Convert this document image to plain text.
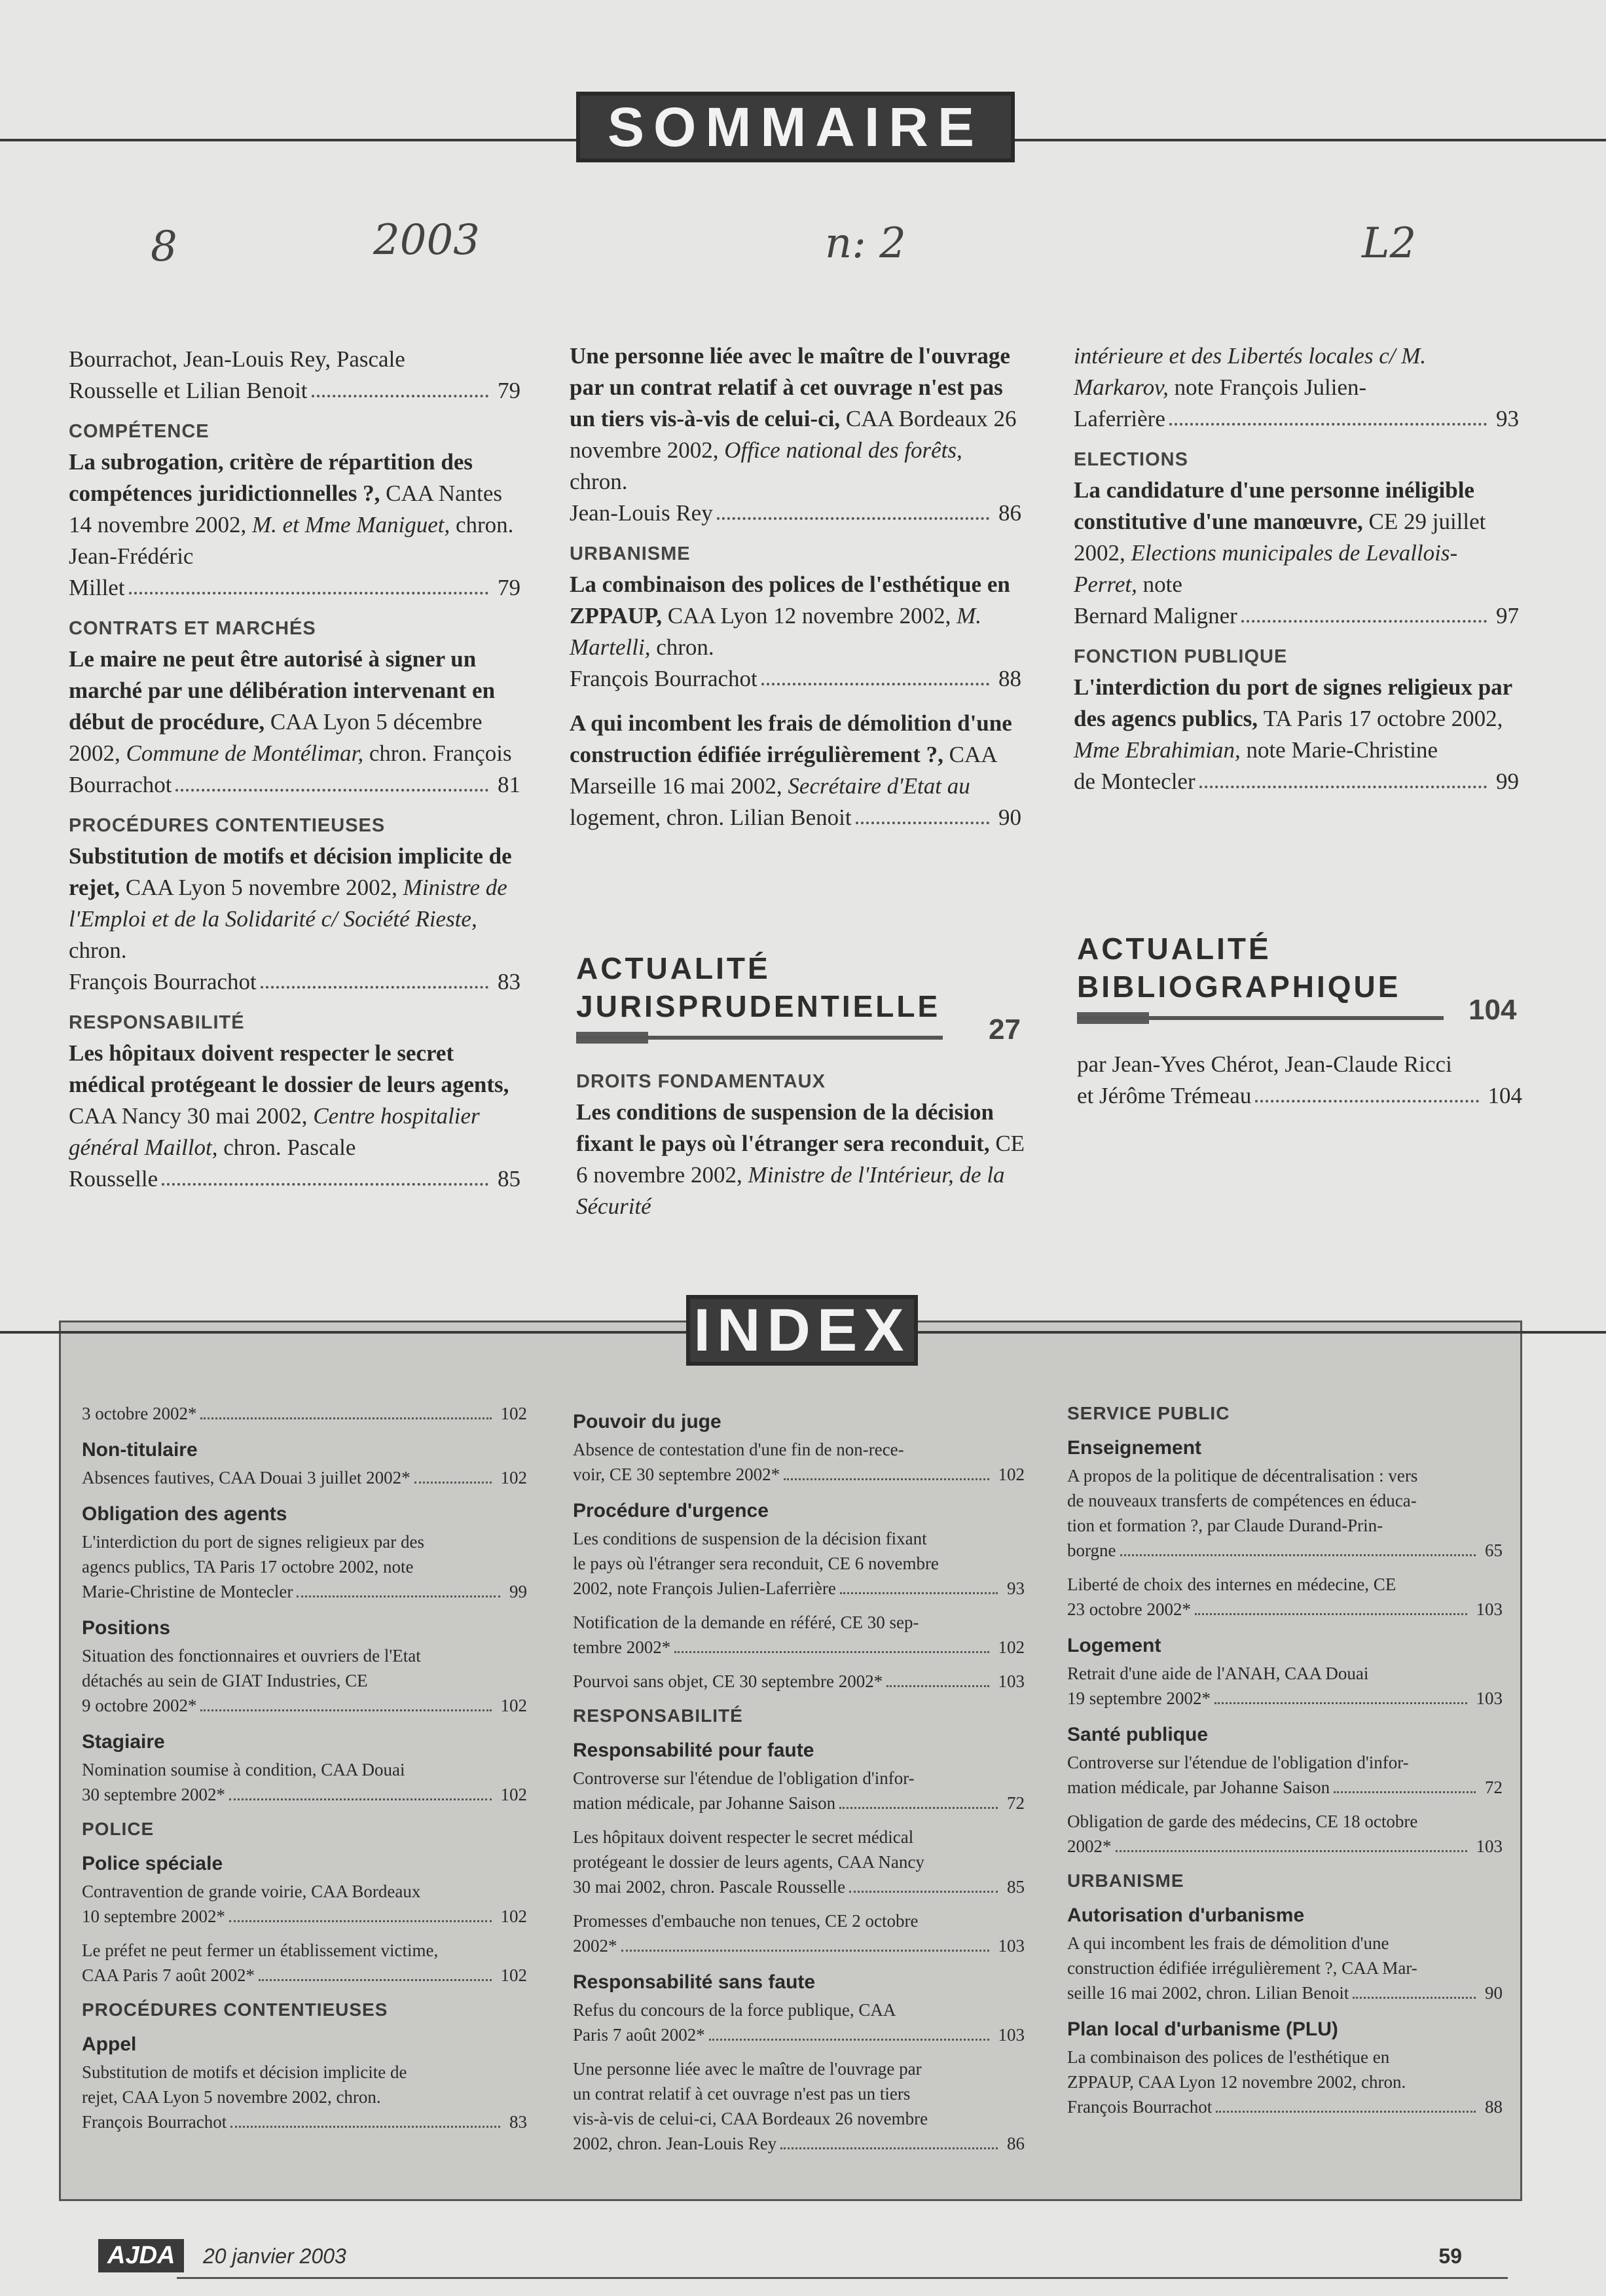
SOMMAIRE
8	2003	n: 2	L2

Bourrachot, Jean-Louis Rey, Pascale

Rousselle et Lilian Benoit	79
COMPÉTENCE

La subrogation, critère de répartition des compétences juridictionnelles ?, CAA Nantes 14 novembre 2002, M. et Mme Maniguet, chron. Jean-Frédéric

Millet	79
CONTRATS ET MARCHÉS

Le maire ne peut être autorisé à signer un marché par une délibération intervenant en début de procédure, CAA Lyon 5 décembre 2002, Commune de Montélimar, chron. François

Bourrachot	81
PROCÉDURES CONTENTIEUSES

Substitution de motifs et décision implicite de rejet, CAA Lyon 5 novembre 2002, Ministre de l'Emploi et de la Solidarité c/ Société Rieste, chron.

François Bourrachot	83
RESPONSABILITÉ

Les hôpitaux doivent respecter le secret médical protégeant le dossier de leurs agents, CAA Nancy 30 mai 2002, Centre hospitalier général Maillot, chron. Pascale

Rousselle	85

Une personne liée avec le maître de l'ouvrage par un contrat relatif à cet ouvrage n'est pas un tiers vis-à-vis de celui-ci, CAA Bordeaux 26 novembre 2002, Office national des forêts, chron.

Jean-Louis Rey	86
URBANISME

La combinaison des polices de l'esthétique en ZPPAUP, CAA Lyon 12 novembre 2002, M. Martelli, chron.

François Bourrachot	88

A qui incombent les frais de démolition d'une construction édifiée irrégulièrement ?, CAA Marseille 16 mai 2002, Secrétaire d'Etat au

logement, chron. Lilian Benoit	90

intérieure et des Libertés locales c/ M. Markarov, note François Julien-

Laferrière	93
ELECTIONS

La candidature d'une personne inéligible constitutive d'une manœuvre, CE 29 juillet 2002, Elections municipales de Levallois-Perret, note

Bernard Maligner	97
FONCTION PUBLIQUE

L'interdiction du port de signes religieux par des agencs publics, TA Paris 17 octobre 2002, Mme Ebrahimian, note Marie-Christine

de Montecler	99
ACTUALITÉ
JURISPRUDENTIELLE
27
DROITS FONDAMENTAUX

Les conditions de suspension de la décision fixant le pays où l'étranger sera reconduit, CE 6 novembre 2002, Ministre de l'Intérieur, de la Sécurité

ACTUALITÉ
BIBLIOGRAPHIQUE
104

par Jean-Yves Chérot, Jean-Claude Ricci

et Jérôme Trémeau	104
INDEX
3 octobre 2002*	102
Non-titulaire
Absences fautives, CAA Douai 3 juillet 2002*	102
Obligation des agents
L'interdiction du port de signes religieux par des
agencs publics, TA Paris 17 octobre 2002, note
Marie-Christine de Montecler	99
Positions
Situation des fonctionnaires et ouvriers de l'Etat
détachés au sein de GIAT Industries, CE
9 octobre 2002*	102
Stagiaire
Nomination soumise à condition, CAA Douai
30 septembre 2002*	102
POLICE
Police spéciale
Contravention de grande voirie, CAA Bordeaux
10 septembre 2002*	102
Le préfet ne peut fermer un établissement victime,
CAA Paris 7 août 2002*	102
PROCÉDURES CONTENTIEUSES
Appel
Substitution de motifs et décision implicite de
rejet, CAA Lyon 5 novembre 2002, chron.
François Bourrachot	83
Pouvoir du juge
Absence de contestation d'une fin de non-rece-
voir, CE 30 septembre 2002*	102
Procédure d'urgence
Les conditions de suspension de la décision fixant
le pays où l'étranger sera reconduit, CE 6 novembre
2002, note François Julien-Laferrière	93
Notification de la demande en référé, CE 30 sep-
tembre 2002*	102
Pourvoi sans objet, CE 30 septembre 2002*	103
RESPONSABILITÉ
Responsabilité pour faute
Controverse sur l'étendue de l'obligation d'infor-
mation médicale, par Johanne Saison	72
Les hôpitaux doivent respecter le secret médical
protégeant le dossier de leurs agents, CAA Nancy
30 mai 2002, chron. Pascale Rousselle	85
Promesses d'embauche non tenues, CE 2 octobre
2002*	103
Responsabilité sans faute
Refus du concours de la force publique, CAA
Paris 7 août 2002*	103
Une personne liée avec le maître de l'ouvrage par
un contrat relatif à cet ouvrage n'est pas un tiers
vis-à-vis de celui-ci, CAA Bordeaux 26 novembre
2002, chron. Jean-Louis Rey	86
SERVICE PUBLIC
Enseignement
A propos de la politique de décentralisation : vers
de nouveaux transferts de compétences en éduca-
tion et formation ?, par Claude Durand-Prin-
borgne	65
Liberté de choix des internes en médecine, CE
23 octobre 2002*	103
Logement
Retrait d'une aide de l'ANAH, CAA Douai
19 septembre 2002*	103
Santé publique
Controverse sur l'étendue de l'obligation d'infor-
mation médicale, par Johanne Saison	72
Obligation de garde des médecins, CE 18 octobre
2002*	103
URBANISME
Autorisation d'urbanisme
A qui incombent les frais de démolition d'une
construction édifiée irrégulièrement ?, CAA Mar-
seille 16 mai 2002, chron. Lilian Benoit	90
Plan local d'urbanisme (PLU)
La combinaison des polices de l'esthétique en
ZPPAUP, CAA Lyon 12 novembre 2002, chron.
François Bourrachot	88
AJDA	20 janvier 2003	59
